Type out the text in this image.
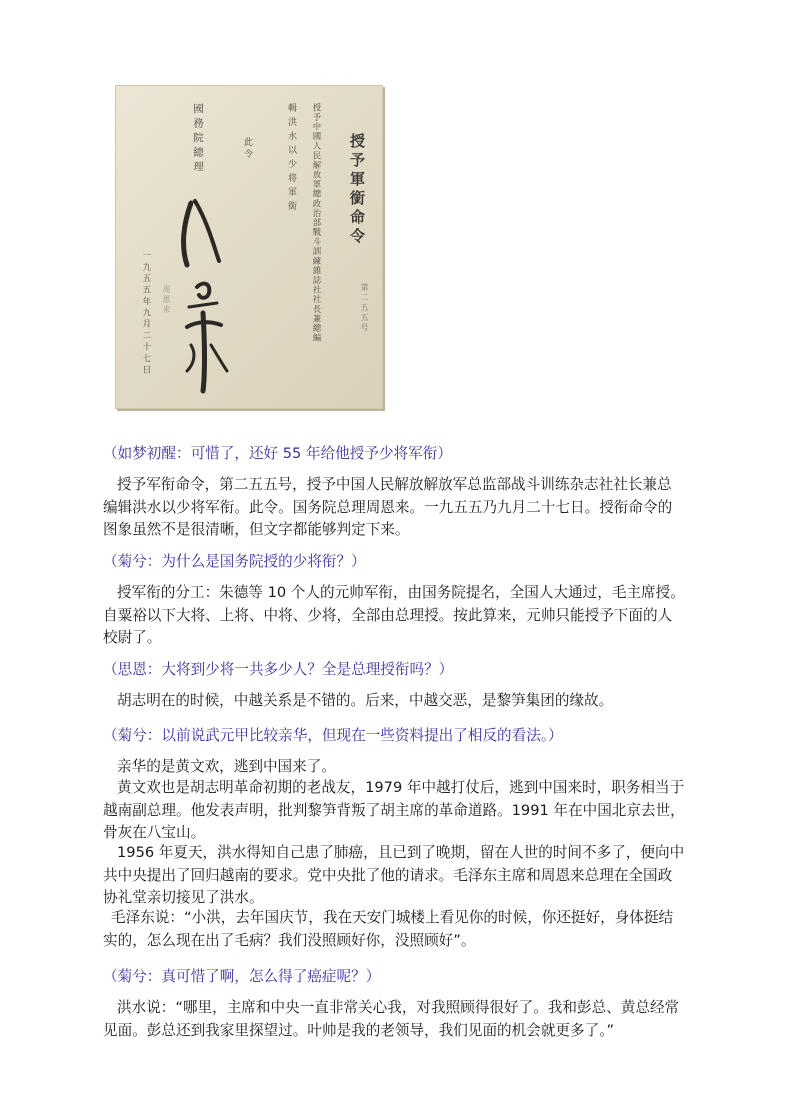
授予軍銜命令
第二五五号
授予中國人民解放軍總政治部戰斗訓練雜誌社社長兼總編
輯洪水以少将軍銜
此令
國務院總理
周恩来
一九五五年九月二十七日

（如梦初醒：可惜了，还好 55 年给他授予少将军衔）

授予军衔命令，第二五五号，授予中国人民解放解放军总监部战斗训练杂志社社长兼总编辑洪水以少将军衔。此令。国务院总理周恩来。一九五五乃九月二十七日。授衔命令的图象虽然不是很清晰，但文字都能够判定下来。

（菊兮：为什么是国务院授的少将衔？）

授军衔的分工：朱德等 10 个人的元帅军衔，由国务院提名，全国人大通过，毛主席授。自粟裕以下大将、上将、中将、少将，全部由总理授。按此算来，元帅只能授予下面的人校尉了。

（思恩：大将到少将一共多少人？全是总理授衔吗？）

胡志明在的时候，中越关系是不错的。后来，中越交恶，是黎笋集团的缘故。

（菊兮：以前说武元甲比较亲华，但现在一些资料提出了相反的看法。）

亲华的是黄文欢，逃到中国来了。

黄文欢也是胡志明革命初期的老战友，1979 年中越打仗后，逃到中国来时，职务相当于越南副总理。他发表声明，批判黎笋背叛了胡主席的革命道路。1991 年在中国北京去世，骨灰在八宝山。

1956 年夏天，洪水得知自己患了肺癌，且已到了晚期，留在人世的时间不多了，便向中共中央提出了回归越南的要求。党中央批了他的请求。毛泽东主席和周恩来总理在全国政协礼堂亲切接见了洪水。

毛泽东说：“小洪，去年国庆节，我在天安门城楼上看见你的时候，你还挺好，身体挺结实的，怎么现在出了毛病？我们没照顾好你，没照顾好”。

（菊兮：真可惜了啊，怎么得了癌症呢？）

洪水说：“哪里，主席和中央一直非常关心我，对我照顾得很好了。我和彭总、黄总经常见面。彭总还到我家里探望过。叶帅是我的老领导，我们见面的机会就更多了。”
